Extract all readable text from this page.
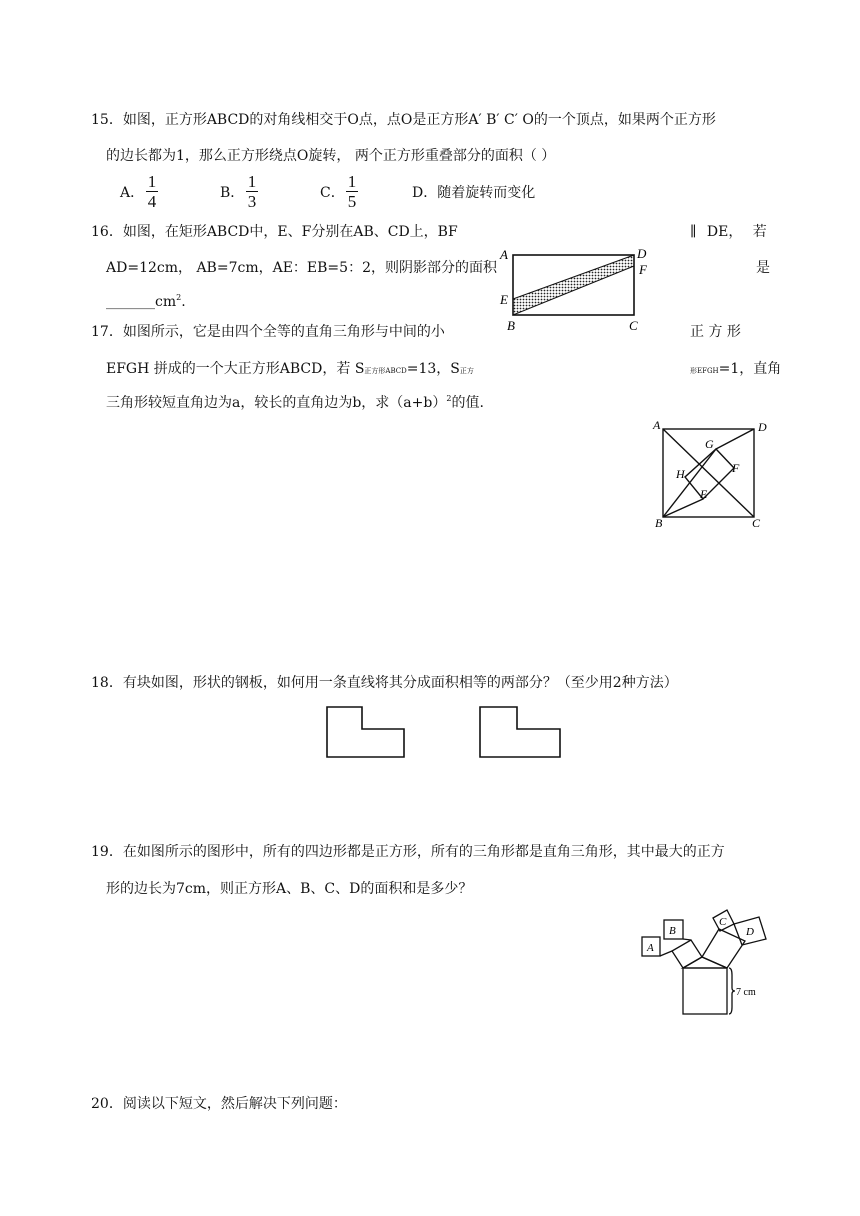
15．如图，正方形ABCD的对角线相交于O点，点O是正方形A′ B′ C′ O的一个顶点，如果两个正方形
的边长都为1，那么正方形绕点O旋转， 两个正方形重叠部分的面积（ ）
A．
1
4	B．
1
3	C．
1
5	D．随着旋转而变化
16．如图，在矩形ABCD中，E、F分别在AB、CD上，BF	∥ DE， 若
AD=12cm， AB=7cm，AE：EB=5：2，则阴影部分的面积	是
$\_\_\_\_\_\_\_cm^2$.
A	D
F
E
B	C
17．如图所示，它是由四个全等的直角三角形与中间的小	正 方 形
EFGH 拼成的一个大正方形ABCD，若 S正方形ABCD=13，S正方	形EFGH=1，直角
三角形较短直角边为a，较长的直角边为b，求$(a+b)^2$的值.
A	D
G
H	F
E
B	C
18．有块如图，形状的钢板，如何用一条直线将其分成面积相等的两部分？（至少用2种方法）
19．在如图所示的图形中，所有的四边形都是正方形，所有的三角形都是直角三角形，其中最大的正方
形的边长为7cm，则正方形A、B、C、D的面积和是多少？
A
B
C
D
7 cm
20．阅读以下短文，然后解决下列问题：
